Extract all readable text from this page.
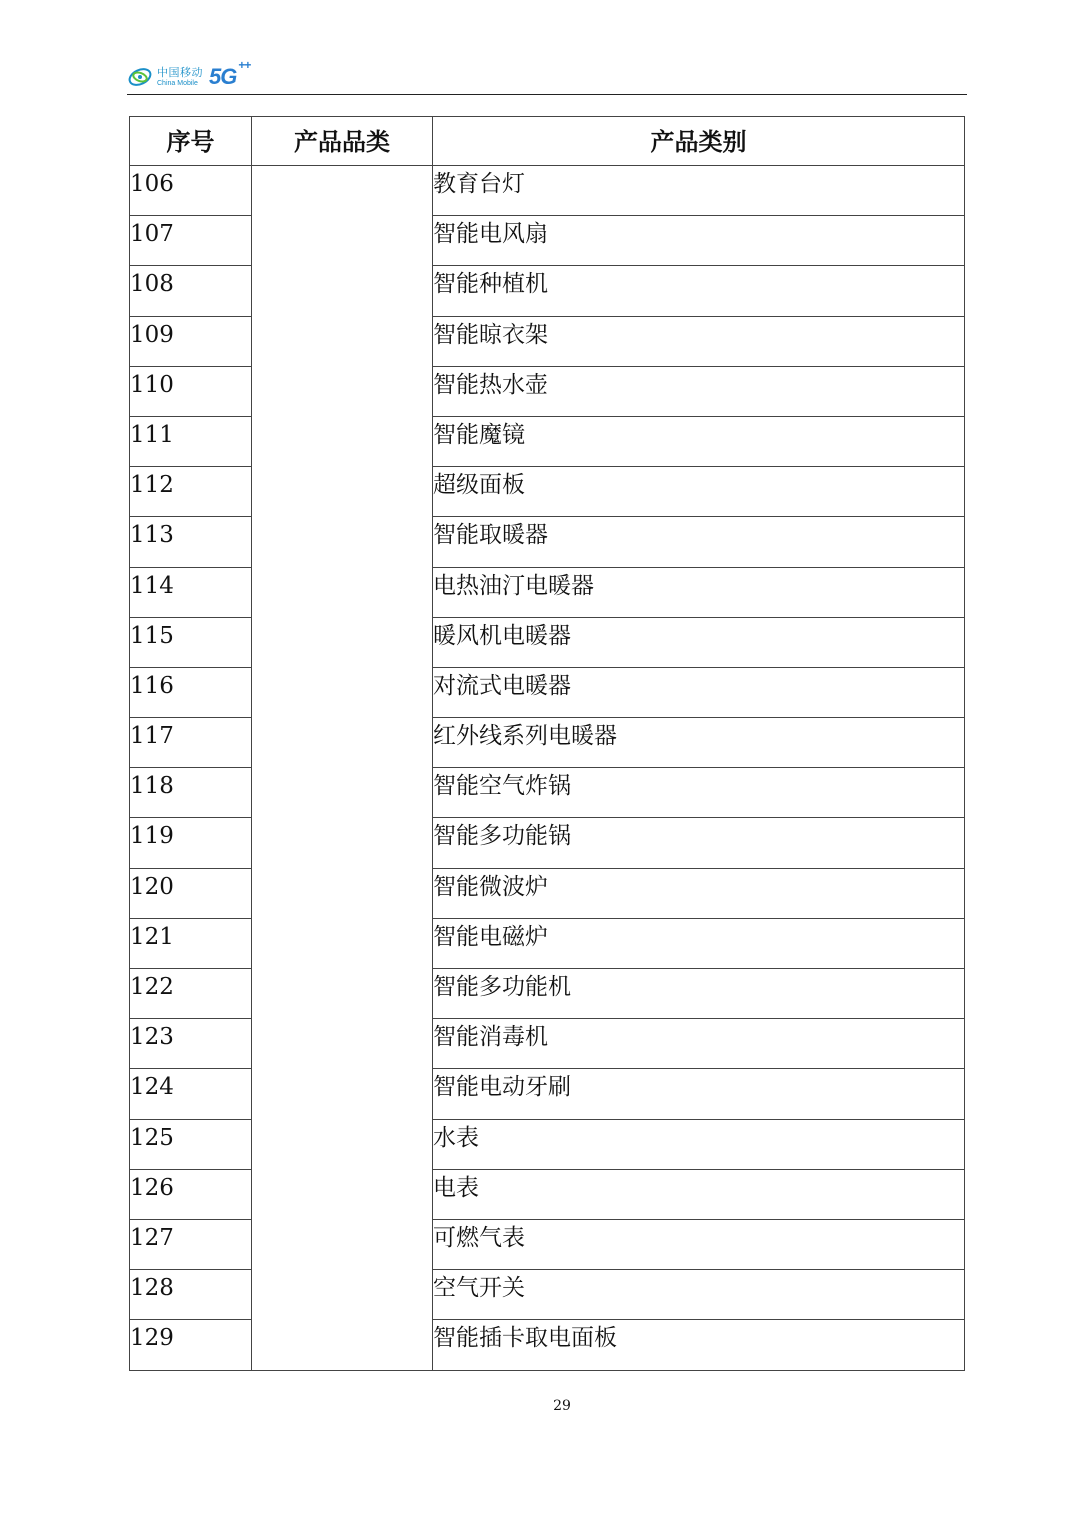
中国移动
China Mobile 5G ++
序号	产品品类	产品类别
106		教育台灯
107		智能电风扇
108		智能种植机
109		智能晾衣架
110		智能热水壶
111		智能魔镜
112		超级面板
113		智能取暖器
114		电热油汀电暖器
115		暖风机电暖器
116		对流式电暖器
117		红外线系列电暖器
118		智能空气炸锅
119		智能多功能锅
120		智能微波炉
121		智能电磁炉
122		智能多功能机
123		智能消毒机
124		智能电动牙刷
125		水表
126		电表
127		可燃气表
128		空气开关
129		智能插卡取电面板
29
